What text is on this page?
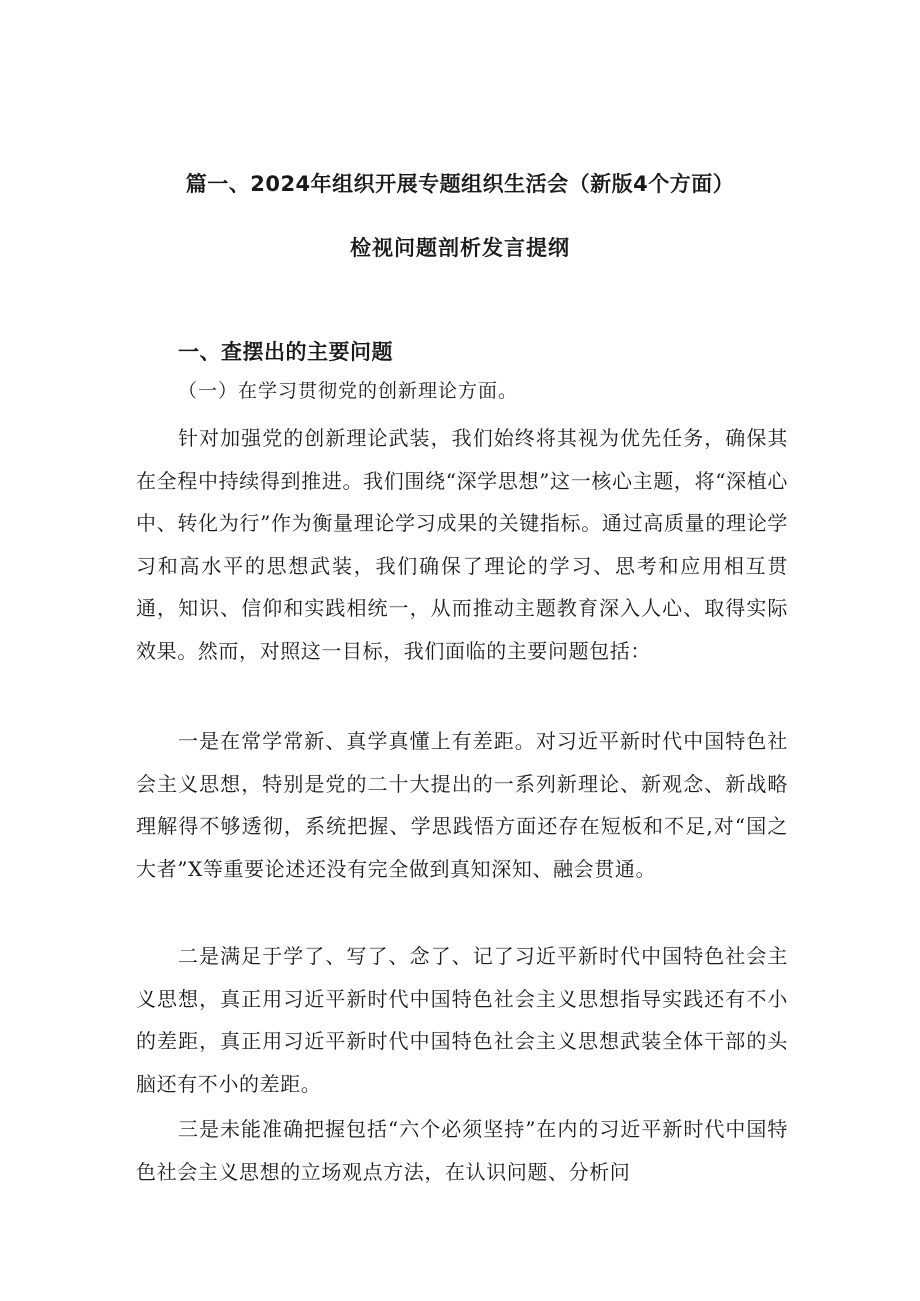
篇一、2024年组织开展专题组织生活会（新版4个方面）
检视问题剖析发言提纲
一、查摆出的主要问题
（一）在学习贯彻党的创新理论方面。

针对加强党的创新理论武装，我们始终将其视为优先任务，确保其在全程中持续得到推进。我们围绕“深学思想”这一核心主题，将“深植心中、转化为行”作为衡量理论学习成果的关键指标。通过高质量的理论学习和高水平的思想武装，我们确保了理论的学习、思考和应用相互贯通，知识、信仰和实践相统一，从而推动主题教育深入人心、取得实际效果。然而，对照这一目标，我们面临的主要问题包括：

一是在常学常新、真学真懂上有差距。对习近平新时代中国特色社会主义思想，特别是党的二十大提出的一系列新理论、新观念、新战略理解得不够透彻，系统把握、学思践悟方面还存在短板和不足,对“国之大者”X等重要论述还没有完全做到真知深知、融会贯通。

二是满足于学了、写了、念了、记了习近平新时代中国特色社会主义思想，真正用习近平新时代中国特色社会主义思想指导实践还有不小的差距，真正用习近平新时代中国特色社会主义思想武装全体干部的头脑还有不小的差距。

三是未能准确把握包括“六个必须坚持”在内的习近平新时代中国特色社会主义思想的立场观点方法，在认识问题、分析问
